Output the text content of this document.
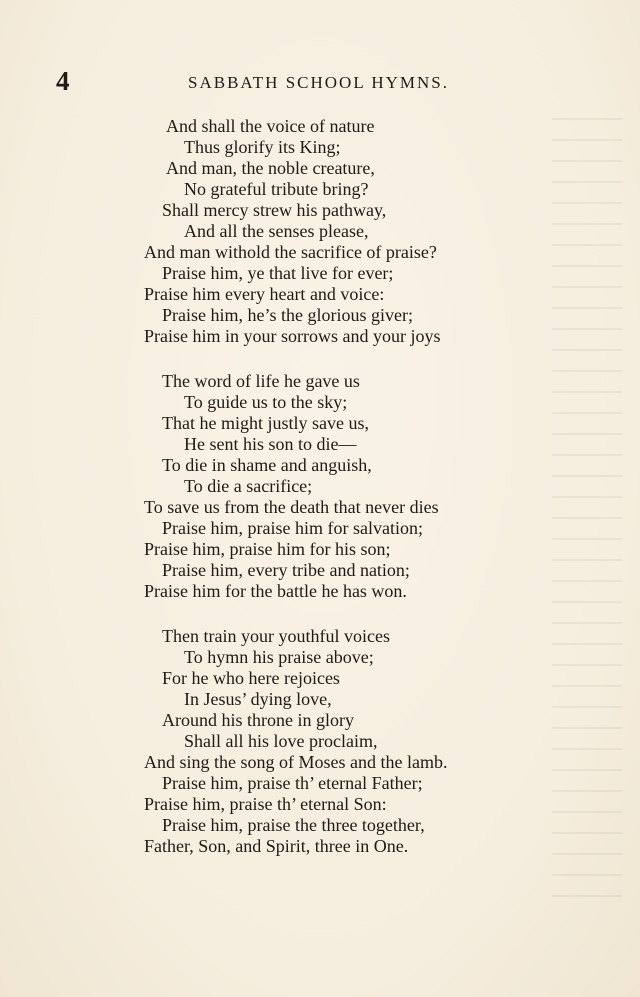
4	SABBATH SCHOOL HYMNS.
And shall the voice of nature
Thus glorify its King;
And man, the noble creature,
No grateful tribute bring?
Shall mercy strew his pathway,
And all the senses please,
And man withold the sacrifice of praise?
Praise him, ye that live for ever;
Praise him every heart and voice:
Praise him, he’s the glorious giver;
Praise him in your sorrows and your joys
The word of life he gave us
To guide us to the sky;
That he might justly save us,
He sent his son to die—
To die in shame and anguish,
To die a sacrifice;
To save us from the death that never dies
Praise him, praise him for salvation;
Praise him, praise him for his son;
Praise him, every tribe and nation;
Praise him for the battle he has won.
Then train your youthful voices
To hymn his praise above;
For he who here rejoices
In Jesus’ dying love,
Around his throne in glory
Shall all his love proclaim,
And sing the song of Moses and the lamb.
Praise him, praise th’ eternal Father;
Praise him, praise th’ eternal Son:
Praise him, praise the three together,
Father, Son, and Spirit, three in One.
